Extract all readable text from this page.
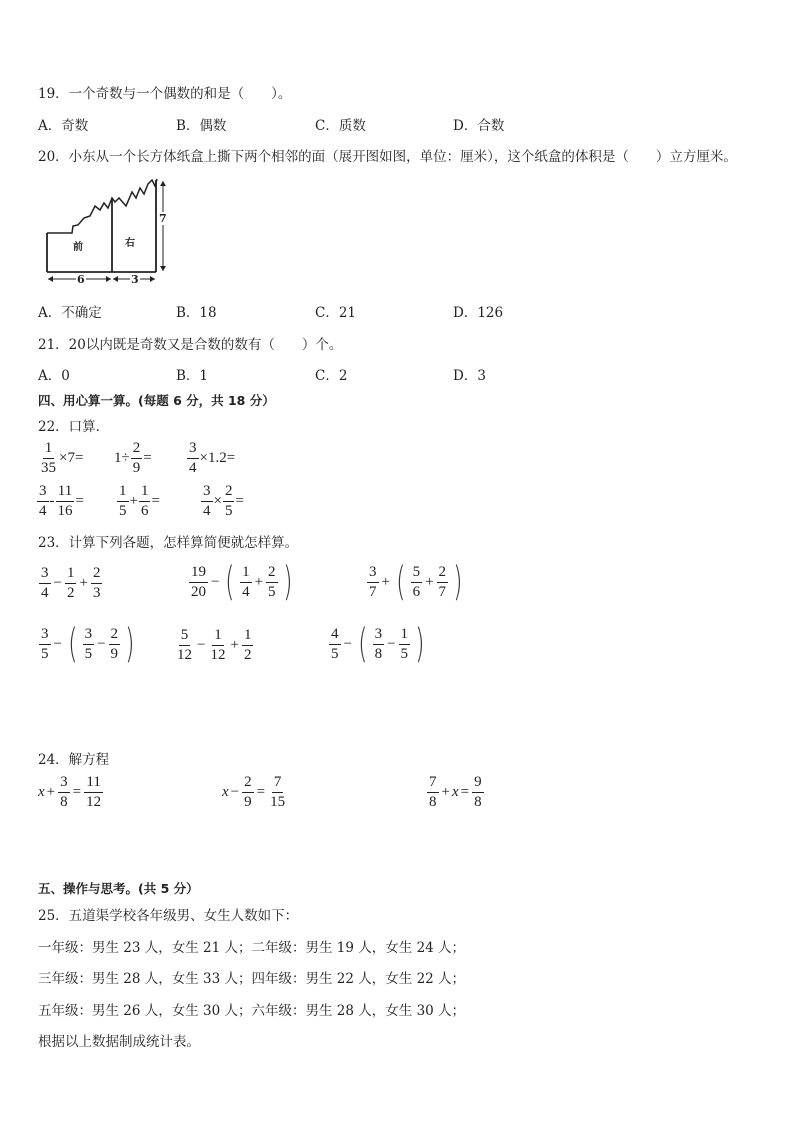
19．一个奇数与一个偶数的和是（　　）。
A．奇数	B．偶数	C．质数	D．合数
20．小东从一个长方体纸盒上撕下两个相邻的面（展开图如图，单位：厘米），这个纸盒的体积是（　　）立方厘米。
前	右
6	3
7
A．不确定	B．18	C．21	D．126
21．20以内既是奇数又是合数的数有（　　）个。
A．0	B．1	C．2	D．3
四、用心算一算。(每题 6 分，共 18 分）
22．口算．
$\frac{1}{35} \times 7= 1\div \frac{2}{9} = \frac{3}{4} \times 1.2=$
$\frac{3}{4} - \frac{11}{16} = \frac{1}{5} + \frac{1}{6}$ =	$\frac{3}{4} \times \frac{2}{5}$ =
23．计算下列各题，怎样算简便就怎样算。
$\frac{3}{4} - \frac{1}{2} + \frac{2}{3}$	$\frac{19}{20}$ − ( $\frac{1}{4} + \frac{2}{5}$ )	$\frac{3}{7}$ + ( $\frac{5}{6} + \frac{2}{7}$ )
$\frac{3}{5}$ − ( $\frac{3}{5} - \frac{2}{9}$ )	$\frac{5}{12} - \frac{1}{12} + \frac{1}{2}$	$\frac{4}{5}$ − ( $\frac{3}{8} - \frac{1}{5}$ )
24．解方程
$x + \frac{3}{8} = \frac{11}{12}$	$x - \frac{2}{9} = \frac{7}{15}$	$\frac{7}{8} + x = \frac{9}{8}$
五、操作与思考。(共 5 分）
25．五道渠学校各年级男、女生人数如下：
一年级：男生 23 人，女生 21 人；二年级：男生 19 人，女生 24 人；
三年级：男生 28 人，女生 33 人；四年级：男生 22 人，女生 22 人；
五年级：男生 26 人，女生 30 人；六年级：男生 28 人，女生 30 人；
根据以上数据制成统计表。
